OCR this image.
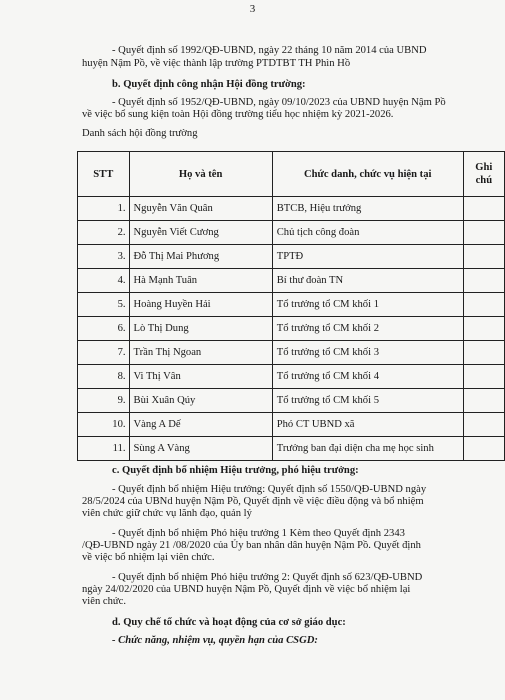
3
- Quyết định số 1992/QĐ-UBND, ngày 22 tháng 10 năm 2014 của UBND
huyện Nậm Pồ, về việc thành lập trường PTDTBT TH Phìn Hồ
b. Quyết định công nhận Hội đồng trường:
- Quyết định số 1952/QĐ-UBND, ngày 09/10/2023 của UBND huyện Nậm Pồ
về việc bổ sung kiện toàn Hội đồng trường tiểu học nhiệm kỳ 2021-2026.
Danh sách hội đồng trường
STT	Họ và tên	Chức danh, chức vụ hiện tại	Ghi chú
1.	Nguyễn Văn Quân	BTCB, Hiệu trưởng	
2.	Nguyễn Viết Cương	Chủ tịch công đoàn	
3.	Đỗ Thị Mai Phương	TPTĐ	
4.	Hà Mạnh Tuân	Bí thư đoàn TN	
5.	Hoàng Huyền Hải	Tổ trưởng tổ CM khối 1	
6.	Lò Thị Dung	Tổ trưởng tổ CM khối 2	
7.	Trần Thị Ngoan	Tổ trưởng tổ CM khối 3	
8.	Vi Thị Vân	Tổ trưởng tổ CM khối 4	
9.	Bùi Xuân Qúy	Tổ trưởng tổ CM khối 5	
10.	Vàng A Dế	Phó CT UBND xã	
11.	Sùng A Vàng	Trưởng ban đại diện cha mẹ học sinh	
c. Quyết định bổ nhiệm Hiệu trưởng, phó hiệu trưởng:
- Quyết định bổ nhiệm Hiệu trưởng: Quyết định số 1550/QĐ-UBND ngày
28/5/2024 của UBNd huyện Nậm Pồ, Quyết định về việc điều động và bổ nhiệm
viên chức giữ chức vụ lãnh đạo, quản lý
- Quyết định bổ nhiệm Phó hiệu trưởng 1 Kèm theo Quyết định 2343
/QĐ-UBND ngày 21 /08/2020 của Ủy ban nhân dân huyện Nậm Pồ. Quyết định
về việc bổ nhiệm lại viên chức.
- Quyết định bổ nhiệm Phó hiệu trưởng 2: Quyết định số 623/QĐ-UBND
ngày 24/02/2020 của UBND huyện Nậm Pồ, Quyết định về việc bổ nhiệm lại
viên chức.
d. Quy chế tổ chức và hoạt động của cơ sở giáo dục:
- Chức năng, nhiệm vụ, quyền hạn của CSGD:
